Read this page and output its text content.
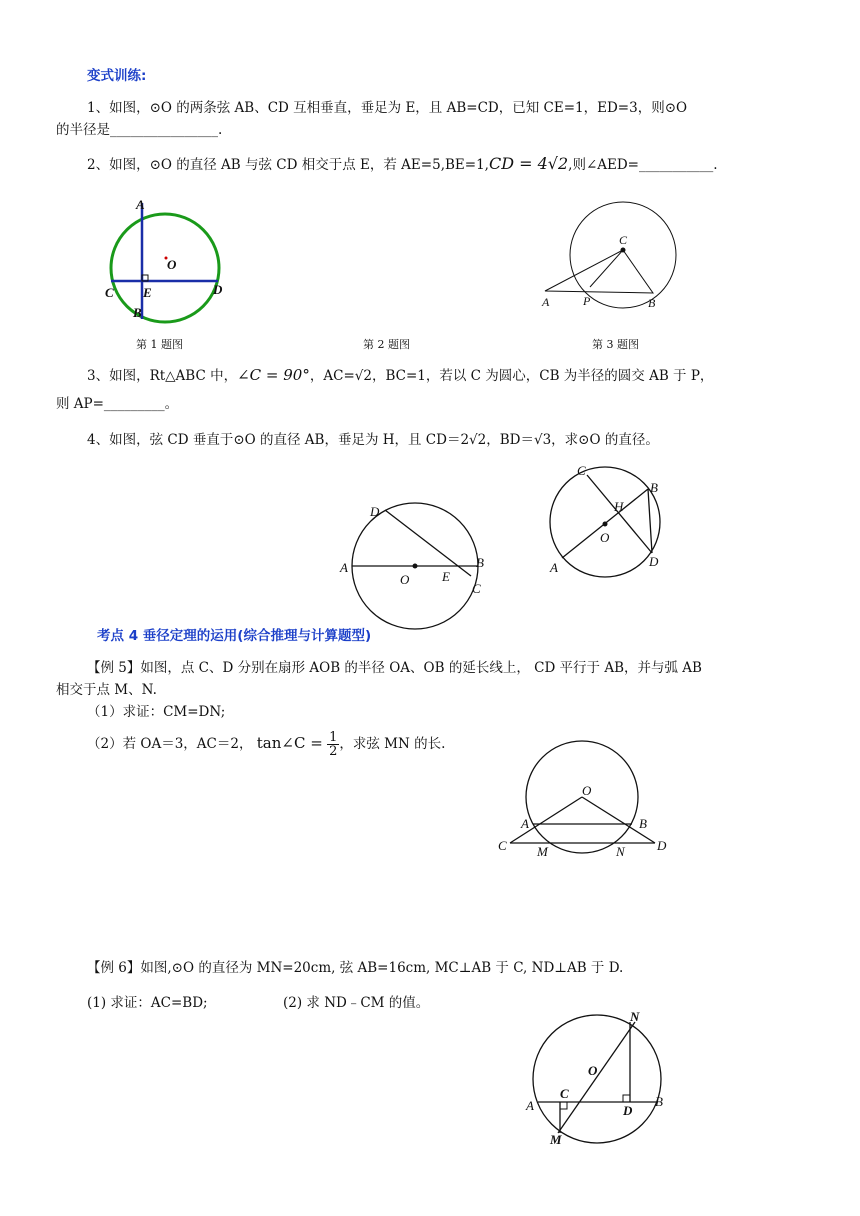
变式训练:
1、如图，⊙O 的两条弦 AB、CD 互相垂直，垂足为 E，且 AB=CD，已知 CE=1，ED=3，则⊙O
的半径是________________.
2、如图，⊙O 的直径 AB 与弦 CD 相交于点 E，若 AE=5,BE=1,CD = 4√2,则∠AED=___________.
A
O
C E	D
B
第 1 题图
C
A	P	B
第 2 题图	第 3 题图
3、如图，Rt△ABC 中，∠C = 90°，AC=√2，BC=1，若以 C 为圆心，CB 为半径的圆交 AB 于 P，
则 AP=_________。
4、如图，弦 CD 垂直于⊙O 的直径 AB，垂足为 H，且 CD＝2√2，BD＝√3，求⊙O 的直径。
C
H
B
O
A	D
D
A
O	E
B
C
考点 4 垂径定理的运用(综合推理与计算题型)
【例 5】如图，点 C、D 分别在扇形 AOB 的半径 OA、OB 的延长线上， CD 平行于 AB，并与弧 AB
相交于点 M、N.
（1）求证：CM=DN;
（2）若 OA＝3，AC＝2， tan∠C = $\frac{1}{2}$ ，求弦 MN 的长.
O
A	B
C M	N D
【例 6】如图,⊙O 的直径为 MN=20cm, 弦 AB=16cm, MC⊥AB 于 C, ND⊥AB 于 D.
(1) 求证：AC=BD;	(2) 求 ND﹣CM 的值。
N
O
C
A	D
B
M
